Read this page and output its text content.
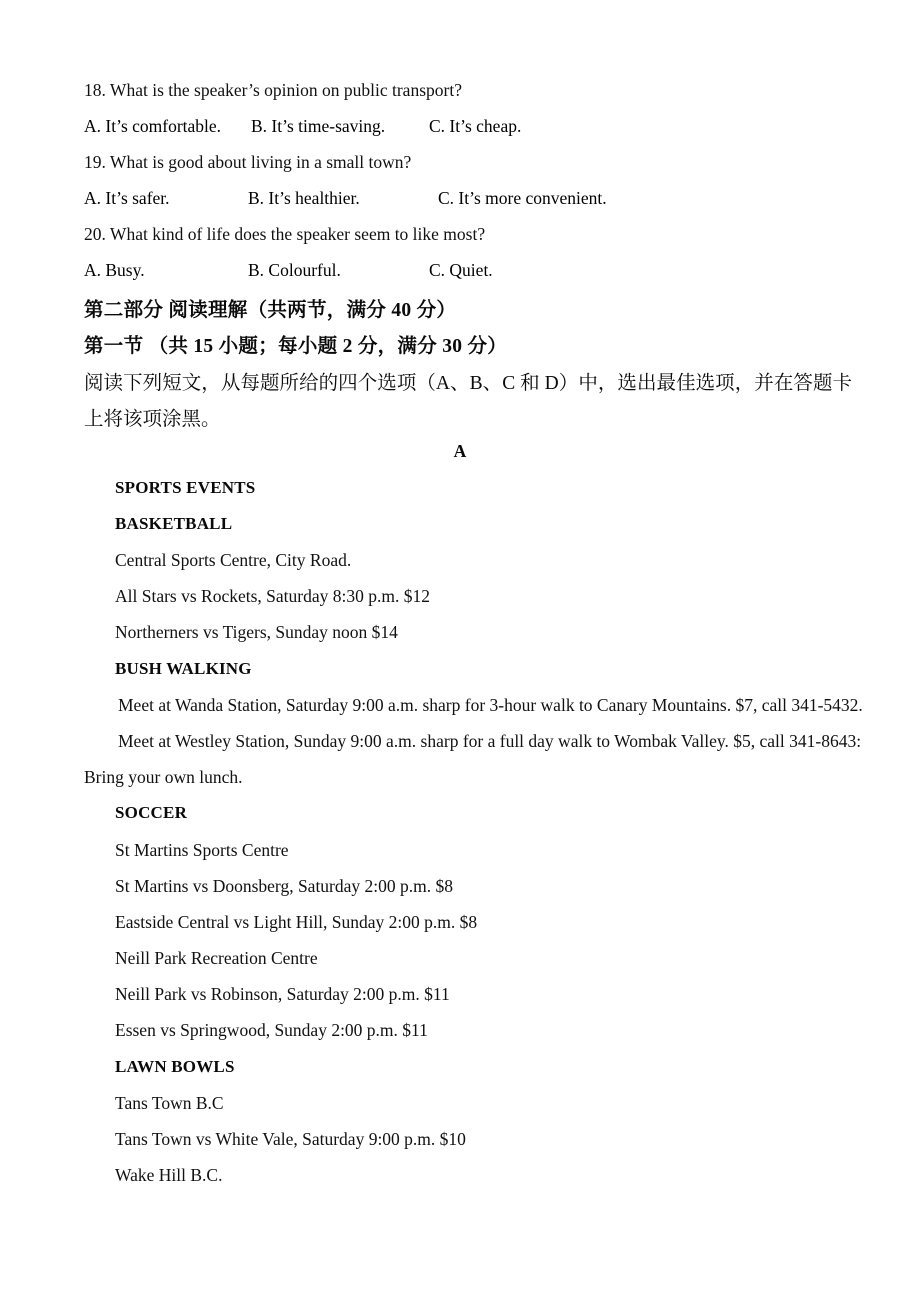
18. What is the speaker’s opinion on public transport?
A. It’s comfortable. B. It’s time-saving.	C. It’s cheap.
19. What is good about living in a small town?
A. It’s safer.	B. It’s healthier.	C. It’s more convenient.
20. What kind of life does the speaker seem to like most?
A. Busy.	B. Colourful.	C. Quiet.
第二部分 阅读理解（共两节，满分 40 分）
第一节 （共 15 小题；每小题 2 分，满分 30 分）
阅读下列短文，从每题所给的四个选项（A、B、C 和 D）中，选出最佳选项，并在答题卡上将该项涂黑。
A
SPORTS EVENTS
BASKETBALL
Central Sports Centre, City Road.
All Stars vs Rockets, Saturday 8:30 p.m. $12
Northerners vs Tigers, Sunday noon $14
BUSH WALKING
Meet at Wanda Station, Saturday 9:00 a.m. sharp for 3-hour walk to Canary Mountains. $7, call 341-5432.
Meet at Westley Station, Sunday 9:00 a.m. sharp for a full day walk to Wombak Valley. $5, call 341-8643:
Bring your own lunch.
SOCCER
St Martins Sports Centre
St Martins vs Doonsberg, Saturday 2:00 p.m. $8
Eastside Central vs Light Hill, Sunday 2:00 p.m. $8
Neill Park Recreation Centre
Neill Park vs Robinson, Saturday 2:00 p.m. $11
Essen vs Springwood, Sunday 2:00 p.m. $11
LAWN BOWLS
Tans Town B.C
Tans Town vs White Vale, Saturday 9:00 p.m. $10
Wake Hill B.C.
